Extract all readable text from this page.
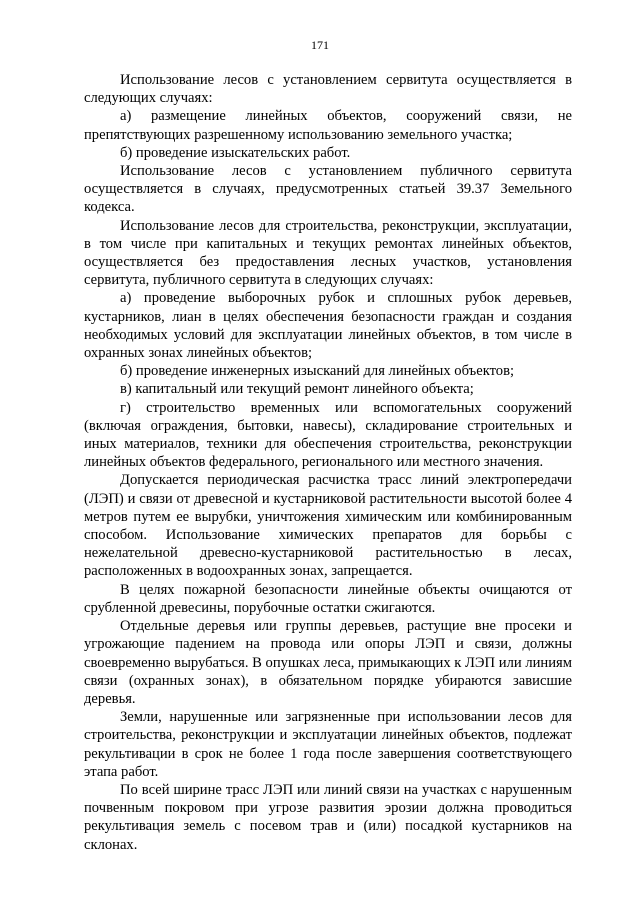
171

Использование лесов с установлением сервитута осуществляется в следующих случаях:

а) размещение линейных объектов, сооружений связи, не препятствующих разрешенному использованию земельного участка;

б) проведение изыскательских работ.

Использование лесов с установлением публичного сервитута осуществляется в случаях, предусмотренных статьей 39.37 Земельного кодекса.

Использование лесов для строительства, реконструкции, эксплуатации, в том числе при капитальных и текущих ремонтах линейных объектов, осуществляется без предоставления лесных участков, установления сервитута, публичного сервитута в следующих случаях:

а) проведение выборочных рубок и сплошных рубок деревьев, кустарников, лиан в целях обеспечения безопасности граждан и создания необходимых условий для эксплуатации линейных объектов, в том числе в охранных зонах линейных объектов;

б) проведение инженерных изысканий для линейных объектов;

в) капитальный или текущий ремонт линейного объекта;

г) строительство временных или вспомогательных сооружений (включая ограждения, бытовки, навесы), складирование строительных и иных материалов, техники для обеспечения строительства, реконструкции линейных объектов федерального, регионального или местного значения.

Допускается периодическая расчистка трасс линий электропередачи (ЛЭП) и связи от древесной и кустарниковой растительности высотой более 4 метров путем ее вырубки, уничтожения химическим или комбинированным способом. Использование химических препаратов для борьбы с нежелательной древесно-кустарниковой растительностью в лесах, расположенных в водоохранных зонах, запрещается.

В целях пожарной безопасности линейные объекты очищаются от срубленной древесины, порубочные остатки сжигаются.

Отдельные деревья или группы деревьев, растущие вне просеки и угрожающие падением на провода или опоры ЛЭП и связи, должны своевременно вырубаться. В опушках леса, примыкающих к ЛЭП или линиям связи (охранных зонах), в обязательном порядке убираются зависшие деревья.

Земли, нарушенные или загрязненные при использовании лесов для строительства, реконструкции и эксплуатации линейных объектов, подлежат рекультивации в срок не более 1 года после завершения соответствующего этапа работ.

По всей ширине трасс ЛЭП или линий связи на участках с нарушенным почвенным покровом при угрозе развития эрозии должна проводиться рекультивация земель с посевом трав и (или) посадкой кустарников на склонах.
